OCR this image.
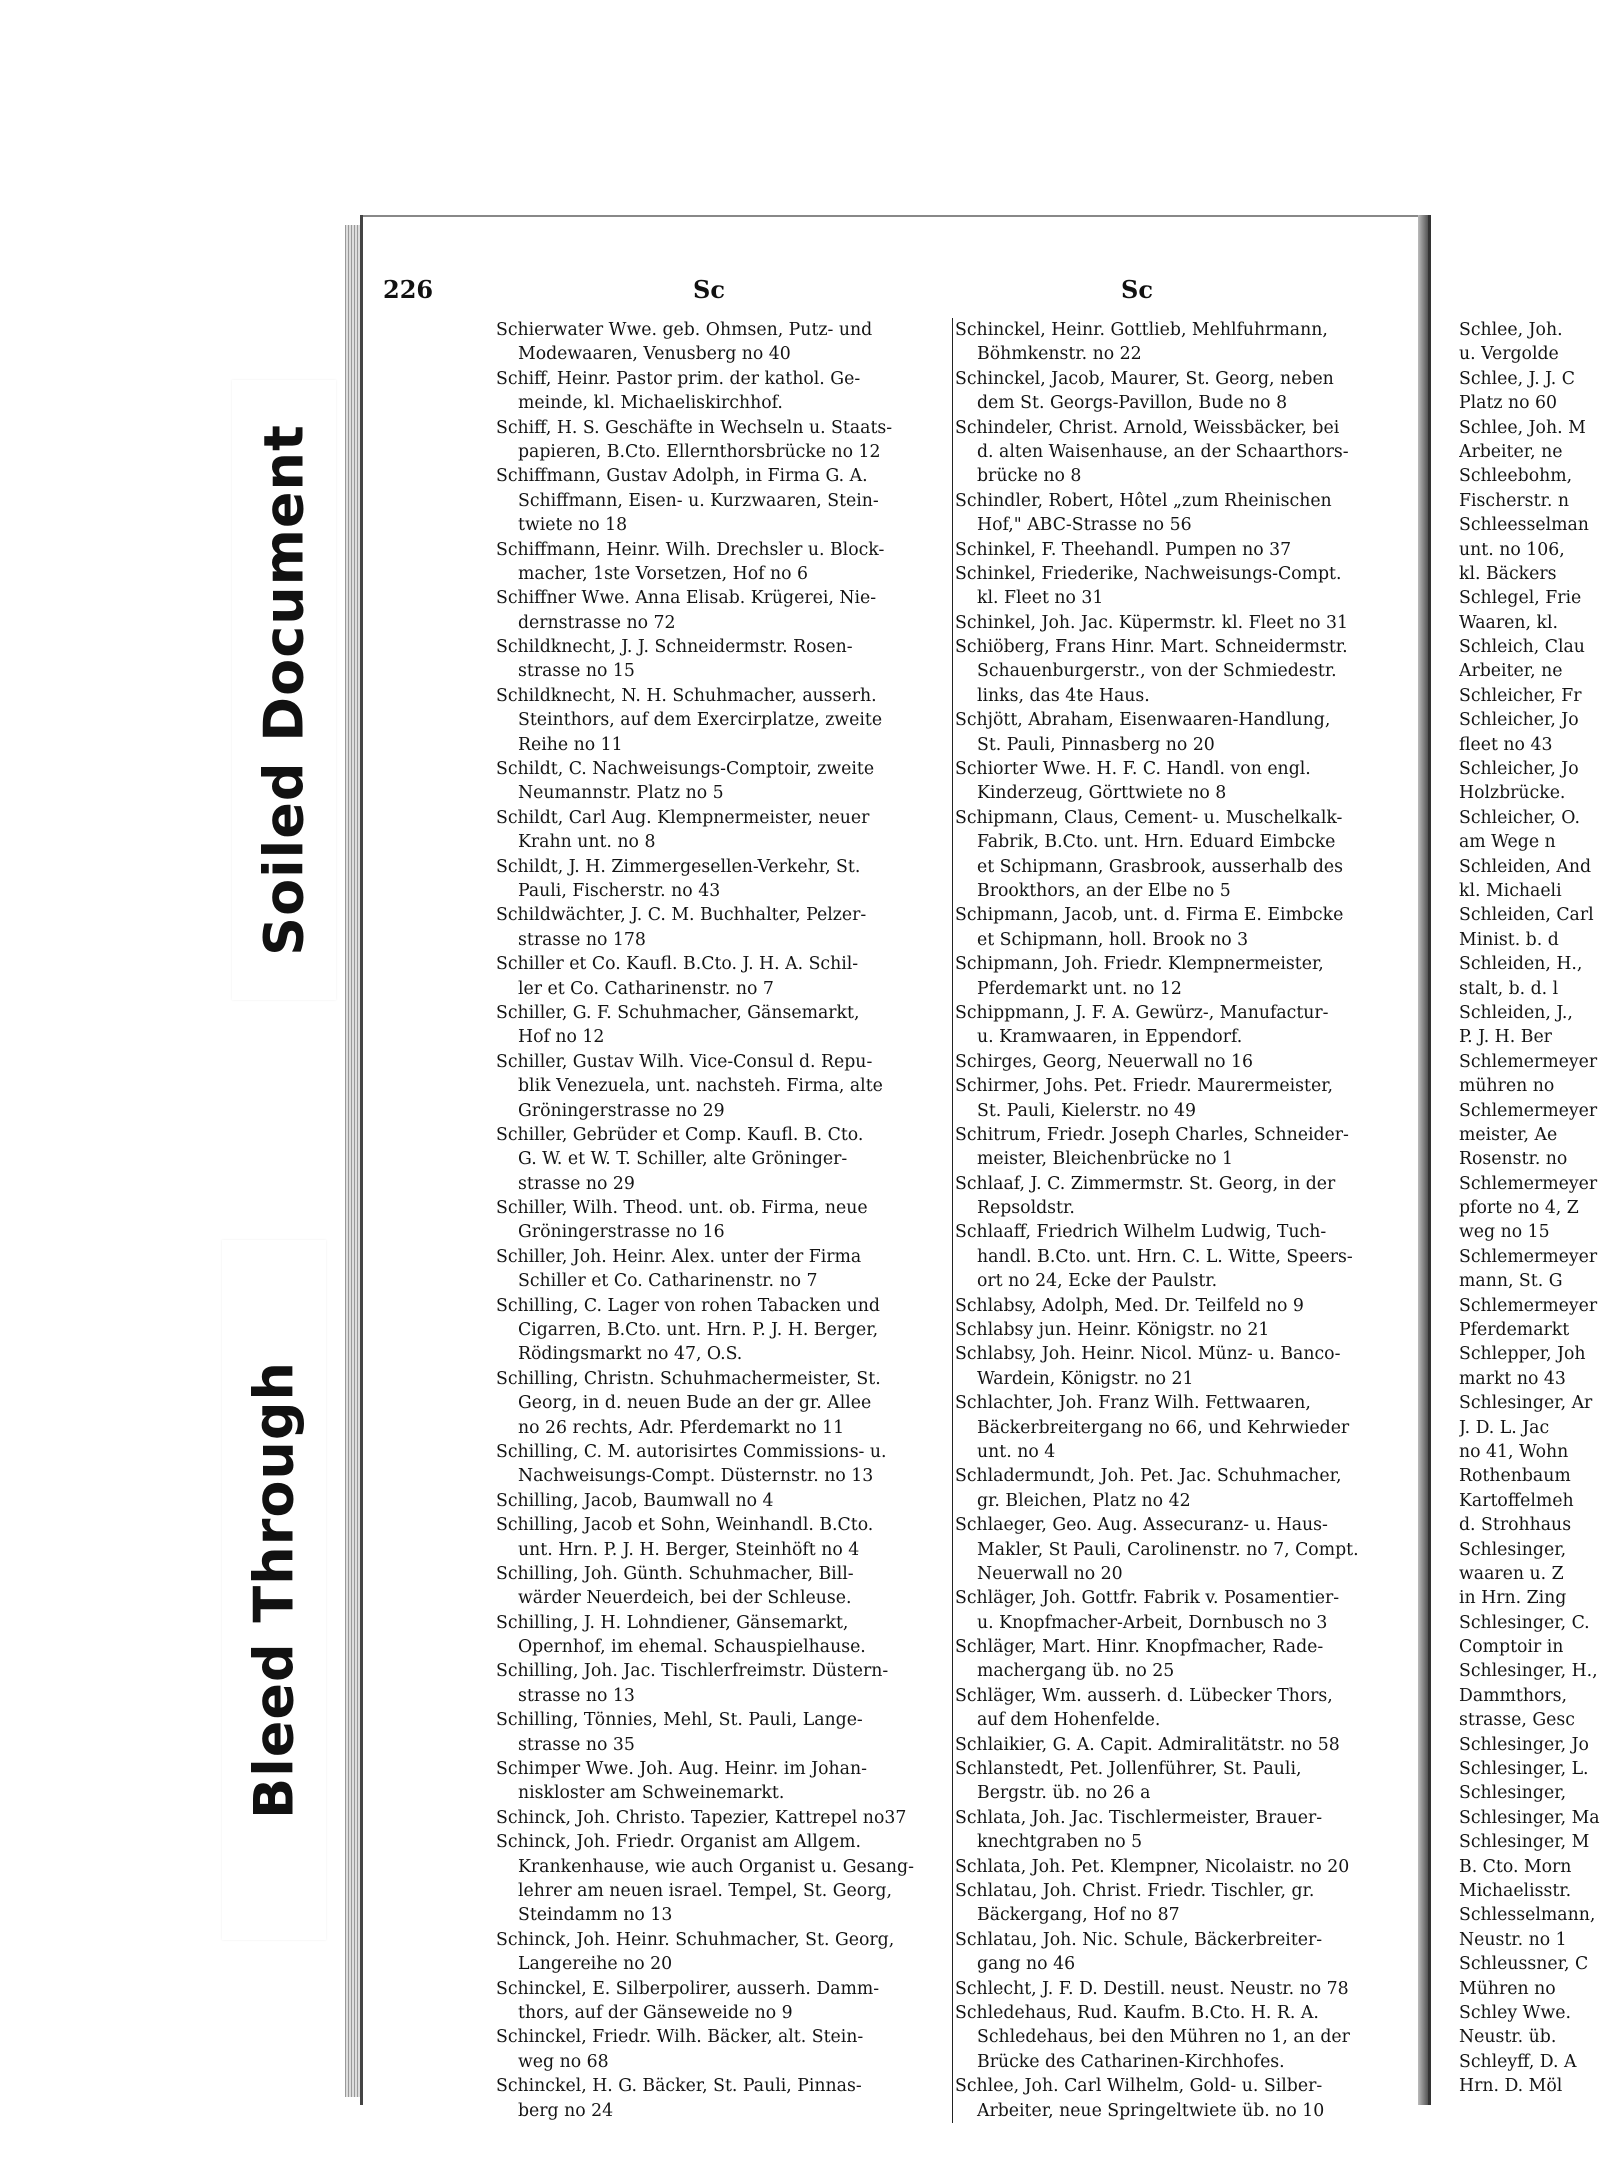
Soiled Document
Bleed Through
226	Sc	Sc
Schierwater Wwe. geb. Ohmsen, Putz- und
Modewaaren, Venusberg no 40
Schiff, Heinr. Pastor prim. der kathol. Ge-
meinde, kl. Michaeliskirchhof.
Schiff, H. S. Geschäfte in Wechseln u. Staats-
papieren, B.Cto. Ellernthorsbrücke no 12
Schiffmann, Gustav Adolph, in Firma G. A.
Schiffmann, Eisen- u. Kurzwaaren, Stein-
twiete no 18
Schiffmann, Heinr. Wilh. Drechsler u. Block-
macher, 1ste Vorsetzen, Hof no 6
Schiffner Wwe. Anna Elisab. Krügerei, Nie-
dernstrasse no 72
Schildknecht, J. J. Schneidermstr. Rosen-
strasse no 15
Schildknecht, N. H. Schuhmacher, ausserh.
Steinthors, auf dem Exercirplatze, zweite
Reihe no 11
Schildt, C. Nachweisungs-Comptoir, zweite
Neumannstr. Platz no 5
Schildt, Carl Aug. Klempnermeister, neuer
Krahn unt. no 8
Schildt, J. H. Zimmergesellen-Verkehr, St.
Pauli, Fischerstr. no 43
Schildwächter, J. C. M. Buchhalter, Pelzer-
strasse no 178
Schiller et Co. Kaufl. B.Cto. J. H. A. Schil-
ler et Co. Catharinenstr. no 7
Schiller, G. F. Schuhmacher, Gänsemarkt,
Hof no 12
Schiller, Gustav Wilh. Vice-Consul d. Repu-
blik Venezuela, unt. nachsteh. Firma, alte
Gröningerstrasse no 29
Schiller, Gebrüder et Comp. Kaufl. B. Cto.
G. W. et W. T. Schiller, alte Gröninger-
strasse no 29
Schiller, Wilh. Theod. unt. ob. Firma, neue
Gröningerstrasse no 16
Schiller, Joh. Heinr. Alex. unter der Firma
Schiller et Co. Catharinenstr. no 7
Schilling, C. Lager von rohen Tabacken und
Cigarren, B.Cto. unt. Hrn. P. J. H. Berger,
Rödingsmarkt no 47, O.S.
Schilling, Christn. Schuhmachermeister, St.
Georg, in d. neuen Bude an der gr. Allee
no 26 rechts, Adr. Pferdemarkt no 11
Schilling, C. M. autorisirtes Commissions- u.
Nachweisungs-Compt. Düsternstr. no 13
Schilling, Jacob, Baumwall no 4
Schilling, Jacob et Sohn, Weinhandl. B.Cto.
unt. Hrn. P. J. H. Berger, Steinhöft no 4
Schilling, Joh. Günth. Schuhmacher, Bill-
wärder Neuerdeich, bei der Schleuse.
Schilling, J. H. Lohndiener, Gänsemarkt,
Opernhof, im ehemal. Schauspielhause.
Schilling, Joh. Jac. Tischlerfreimstr. Düstern-
strasse no 13
Schilling, Tönnies, Mehl, St. Pauli, Lange-
strasse no 35
Schimper Wwe. Joh. Aug. Heinr. im Johan-
niskloster am Schweinemarkt.
Schinck, Joh. Christo. Tapezier, Kattrepel no37
Schinck, Joh. Friedr. Organist am Allgem.
Krankenhause, wie auch Organist u. Gesang-
lehrer am neuen israel. Tempel, St. Georg,
Steindamm no 13
Schinck, Joh. Heinr. Schuhmacher, St. Georg,
Langereihe no 20
Schinckel, E. Silberpolirer, ausserh. Damm-
thors, auf der Gänseweide no 9
Schinckel, Friedr. Wilh. Bäcker, alt. Stein-
weg no 68
Schinckel, H. G. Bäcker, St. Pauli, Pinnas-
berg no 24
Schinckel, Heinr. Gottlieb, Mehlfuhrmann,
Böhmkenstr. no 22
Schinckel, Jacob, Maurer, St. Georg, neben
dem St. Georgs-Pavillon, Bude no 8
Schindeler, Christ. Arnold, Weissbäcker, bei
d. alten Waisenhause, an der Schaarthors-
brücke no 8
Schindler, Robert, Hôtel „zum Rheinischen
Hof," ABC-Strasse no 56
Schinkel, F. Theehandl. Pumpen no 37
Schinkel, Friederike, Nachweisungs-Compt.
kl. Fleet no 31
Schinkel, Joh. Jac. Küpermstr. kl. Fleet no 31
Schiöberg, Frans Hinr. Mart. Schneidermstr.
Schauenburgerstr., von der Schmiedestr.
links, das 4te Haus.
Schjött, Abraham, Eisenwaaren-Handlung,
St. Pauli, Pinnasberg no 20
Schiorter Wwe. H. F. C. Handl. von engl.
Kinderzeug, Görttwiete no 8
Schipmann, Claus, Cement- u. Muschelkalk-
Fabrik, B.Cto. unt. Hrn. Eduard Eimbcke
et Schipmann, Grasbrook, ausserhalb des
Brookthors, an der Elbe no 5
Schipmann, Jacob, unt. d. Firma E. Eimbcke
et Schipmann, holl. Brook no 3
Schipmann, Joh. Friedr. Klempnermeister,
Pferdemarkt unt. no 12
Schippmann, J. F. A. Gewürz-, Manufactur-
u. Kramwaaren, in Eppendorf.
Schirges, Georg, Neuerwall no 16
Schirmer, Johs. Pet. Friedr. Maurermeister,
St. Pauli, Kielerstr. no 49
Schitrum, Friedr. Joseph Charles, Schneider-
meister, Bleichenbrücke no 1
Schlaaf, J. C. Zimmermstr. St. Georg, in der
Repsoldstr.
Schlaaff, Friedrich Wilhelm Ludwig, Tuch-
handl. B.Cto. unt. Hrn. C. L. Witte, Speers-
ort no 24, Ecke der Paulstr.
Schlabsy, Adolph, Med. Dr. Teilfeld no 9
Schlabsy jun. Heinr. Königstr. no 21
Schlabsy, Joh. Heinr. Nicol. Münz- u. Banco-
Wardein, Königstr. no 21
Schlachter, Joh. Franz Wilh. Fettwaaren,
Bäckerbreitergang no 66, und Kehrwieder
unt. no 4
Schladermundt, Joh. Pet. Jac. Schuhmacher,
gr. Bleichen, Platz no 42
Schlaeger, Geo. Aug. Assecuranz- u. Haus-
Makler, St Pauli, Carolinenstr. no 7, Compt.
Neuerwall no 20
Schläger, Joh. Gottfr. Fabrik v. Posamentier-
u. Knopfmacher-Arbeit, Dornbusch no 3
Schläger, Mart. Hinr. Knopfmacher, Rade-
machergang üb. no 25
Schläger, Wm. ausserh. d. Lübecker Thors,
auf dem Hohenfelde.
Schlaikier, G. A. Capit. Admiralitätstr. no 58
Schlanstedt, Pet. Jollenführer, St. Pauli,
Bergstr. üb. no 26 a
Schlata, Joh. Jac. Tischlermeister, Brauer-
knechtgraben no 5
Schlata, Joh. Pet. Klempner, Nicolaistr. no 20
Schlatau, Joh. Christ. Friedr. Tischler, gr.
Bäckergang, Hof no 87
Schlatau, Joh. Nic. Schule, Bäckerbreiter-
gang no 46
Schlecht, J. F. D. Destill. neust. Neustr. no 78
Schledehaus, Rud. Kaufm. B.Cto. H. R. A.
Schledehaus, bei den Mühren no 1, an der
Brücke des Catharinen-Kirchhofes.
Schlee, Joh. Carl Wilhelm, Gold- u. Silber-
Arbeiter, neue Springeltwiete üb. no 10
Schlee, Joh.
u. Vergolde
Schlee, J. J. C
Platz no 60
Schlee, Joh. M
Arbeiter, ne
Schleebohm,
Fischerstr. n
Schleesselman
unt. no 106,
kl. Bäckers
Schlegel, Frie
Waaren, kl.
Schleich, Clau
Arbeiter, ne
Schleicher, Fr
Schleicher, Jo
fleet no 43
Schleicher, Jo
Holzbrücke.
Schleicher, O.
am Wege n
Schleiden, And
kl. Michaeli
Schleiden, Carl
Minist. b. d
Schleiden, H.,
stalt, b. d. l
Schleiden, J.,
P. J. H. Ber
Schlemermeyer
mühren no
Schlemermeyer
meister, Ae
Rosenstr. no
Schlemermeyer
pforte no 4, Z
weg no 15
Schlemermeyer
mann, St. G
Schlemermeyer
Pferdemarkt
Schlepper, Joh
markt no 43
Schlesinger, Ar
J. D. L. Jac
no 41, Wohn
Rothenbaum
Kartoffelmeh
d. Strohhaus
Schlesinger,
waaren u. Z
in Hrn. Zing
Schlesinger, C.
Comptoir in
Schlesinger, H.,
Dammthors,
strasse, Gesc
Schlesinger, Jo
Schlesinger, L.
Schlesinger,
Schlesinger, Ma
Schlesinger, M
B. Cto. Morn
Michaelisstr.
Schlesselmann,
Neustr. no 1
Schleussner, C
Mühren no
Schley Wwe.
Neustr. üb.
Schleyff, D. A
Hrn. D. Möl
